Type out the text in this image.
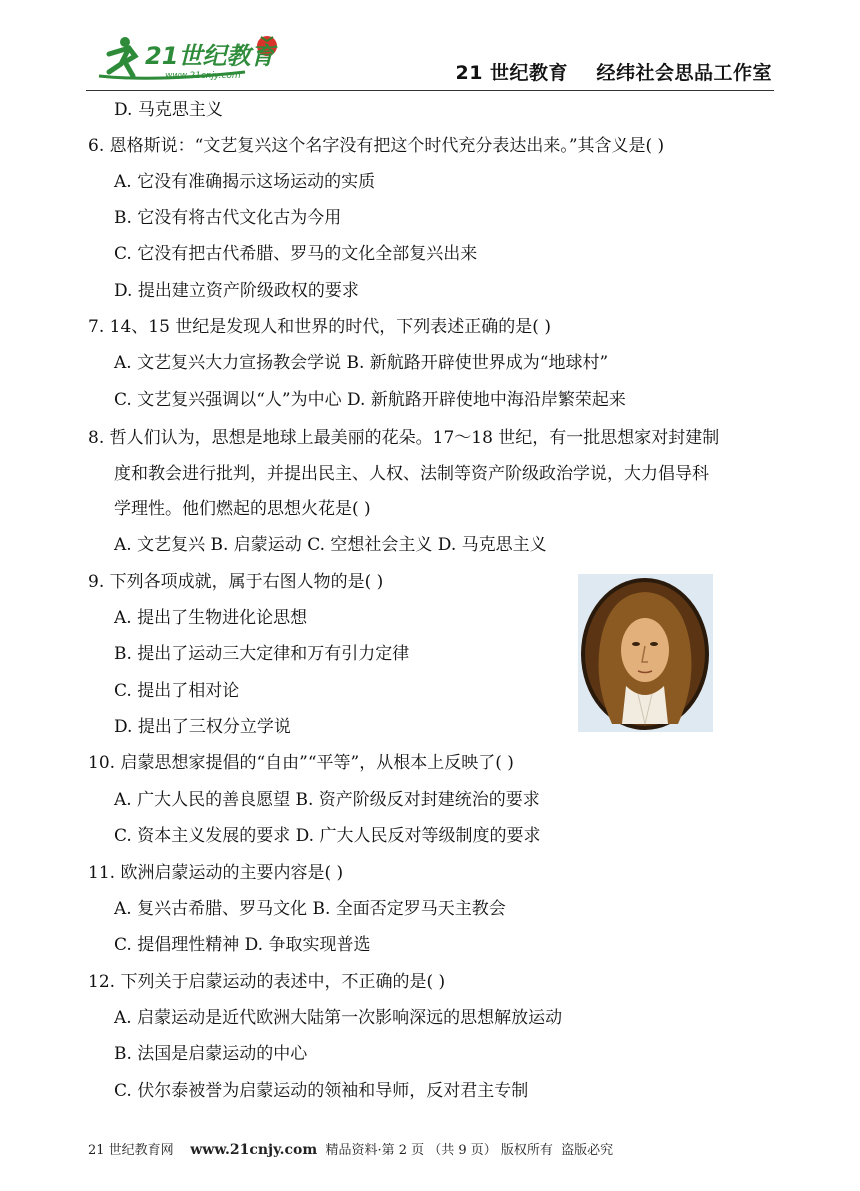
21世纪教育
www.21cnjy.com	21 世纪教育    经纬社会思品工作室
D. 马克思主义
6. 恩格斯说：“文艺复兴这个名字没有把这个时代充分表达出来。”其含义是( )
A. 它没有准确揭示这场运动的实质
B. 它没有将古代文化古为今用
C. 它没有把古代希腊、罗马的文化全部复兴出来
D. 提出建立资产阶级政权的要求
7. 14、15 世纪是发现人和世界的时代，下列表述正确的是( )
A. 文艺复兴大力宣扬教会学说 B. 新航路开辟使世界成为“地球村”
C. 文艺复兴强调以“人”为中心 D. 新航路开辟使地中海沿岸繁荣起来
8. 哲人们认为，思想是地球上最美丽的花朵。17～18 世纪，有一批思想家对封建制
度和教会进行批判，并提出民主、人权、法制等资产阶级政治学说，大力倡导科
学理性。他们燃起的思想火花是( )
A. 文艺复兴 B. 启蒙运动 C. 空想社会主义 D. 马克思主义
9. 下列各项成就，属于右图人物的是( )
A. 提出了生物进化论思想
B. 提出了运动三大定律和万有引力定律
C. 提出了相对论
D. 提出了三权分立学说
10. 启蒙思想家提倡的“自由”“平等”，从根本上反映了( )
A. 广大人民的善良愿望 B. 资产阶级反对封建统治的要求
C. 资本主义发展的要求 D. 广大人民反对等级制度的要求
11. 欧洲启蒙运动的主要内容是( )
A. 复兴古希腊、罗马文化 B. 全面否定罗马天主教会
C. 提倡理性精神 D. 争取实现普选
12. 下列关于启蒙运动的表述中，不正确的是( )
A. 启蒙运动是近代欧洲大陆第一次影响深远的思想解放运动
B. 法国是启蒙运动的中心
C. 伏尔泰被誉为启蒙运动的领袖和导师，反对君主专制
21 世纪教育网 www.21cnjy.com 精品资料·第 2 页 （共 9 页） 版权所有  盗版必究
